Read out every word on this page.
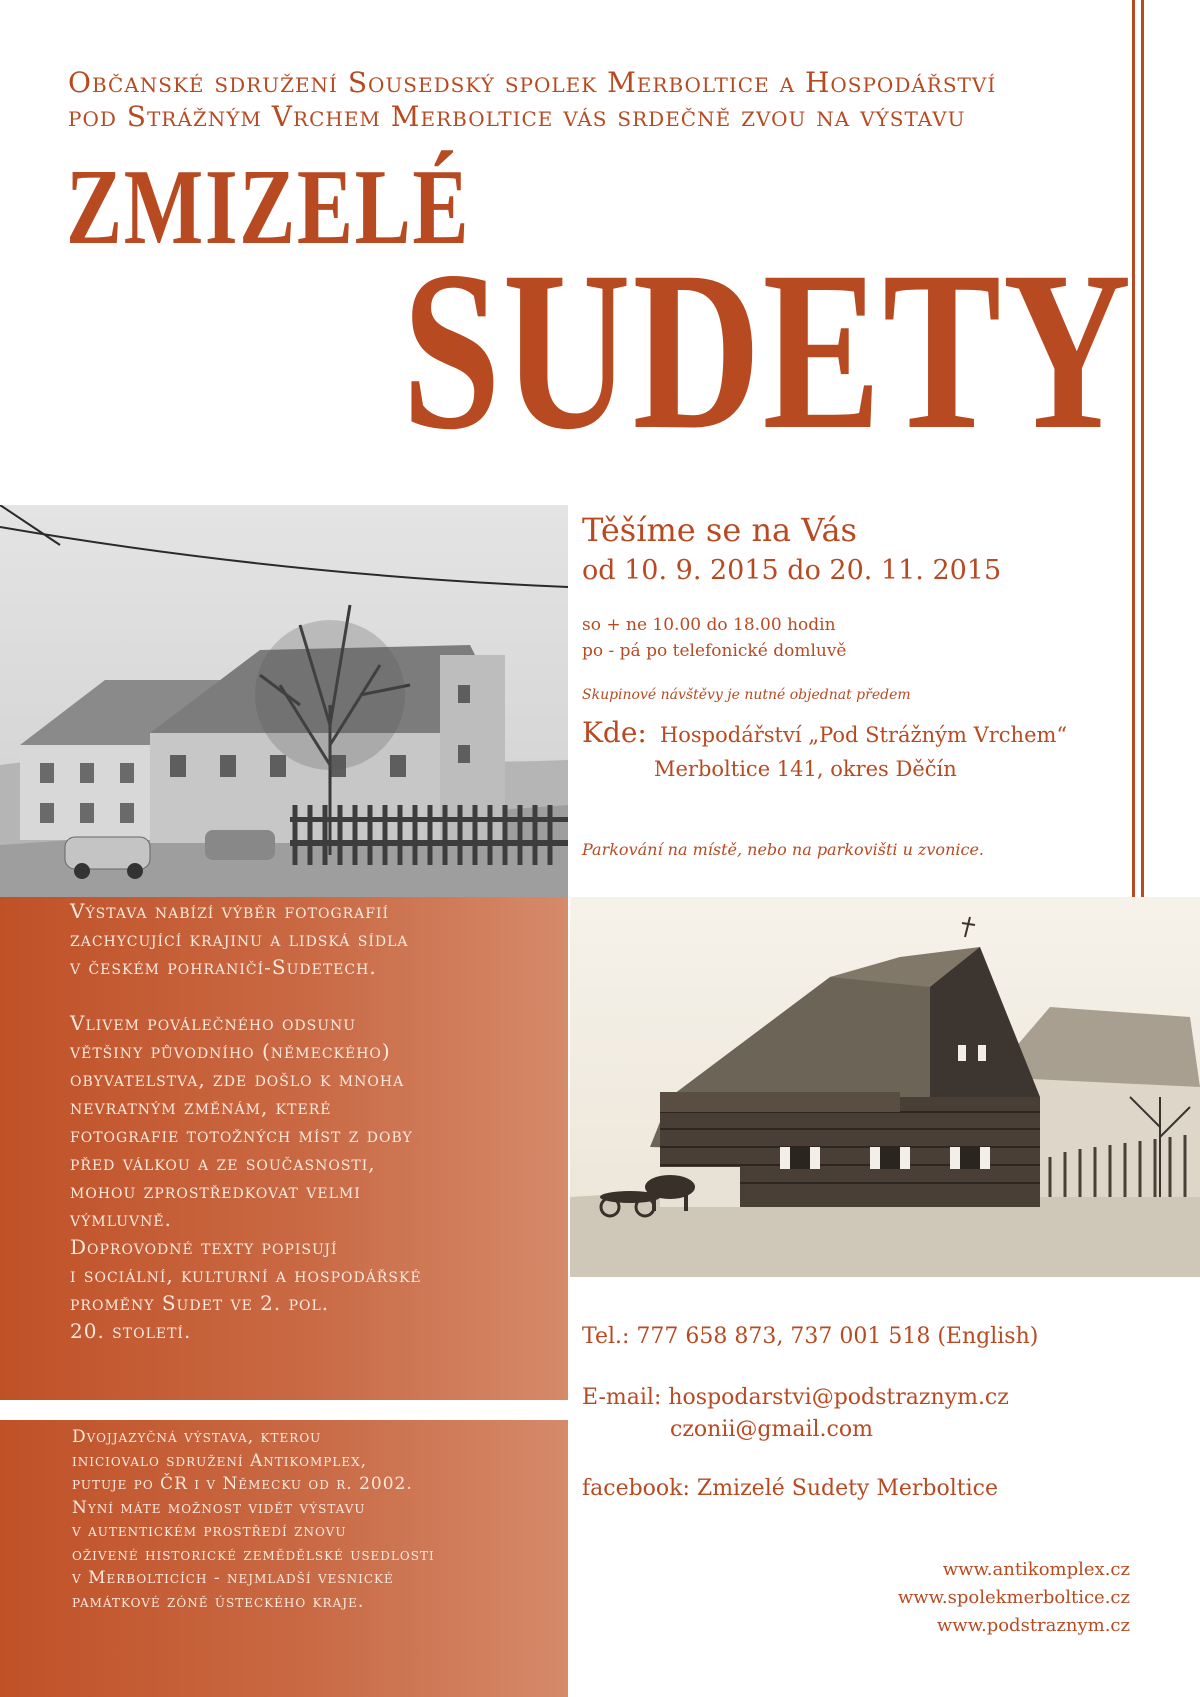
Občanské sdružení Sousedský spolek Merboltice a Hospodářství
pod Strážným Vrchem Merboltice vás srdečně zvou na výstavu
ZMIZELÉ
SUDETY
Těšíme se na Vás
od 10. 9. 2015 do 20. 11. 2015
so + ne 10.00 do 18.00 hodin
po - pá po telefonické domluvě
Skupinové návštěvy je nutné objednat předem
Kde: Hospodářství „Pod Strážným Vrchem“
Merboltice 141, okres Děčín
Parkování na místě, nebo na parkovišti u zvonice.

Výstava nabízí výběr fotografií
zachycující krajinu a lidská sídla
v českém pohraničí-Sudetech.

Vlivem poválečného odsunu
většiny původního (německého)
obyvatelstva, zde došlo k mnoha
nevratným změnám, které
fotografie totožných míst z doby
před válkou a ze současnosti,
mohou zprostředkovat velmi
výmluvně.
Doprovodné texty popisují
i sociální, kulturní a hospodářské
proměny Sudet ve 2. pol.
20. století.

Dvojjazyčná výstava, kterou
iniciovalo sdružení Antikomplex,
putuje po ČR i v Německu od r. 2002.
Nyní máte možnost vidět výstavu
v autentickém prostředí znovu
oživené historické zemědělské usedlosti
v Merbolticích - nejmladší vesnické
památkové zóně ústeckého kraje.
Tel.: 777 658 873, 737 001 518 (English)
E-mail: hospodarstvi@podstraznym.cz
czonii@gmail.com
facebook: Zmizelé Sudety Merboltice
www.antikomplex.cz
www.spolekmerboltice.cz
www.podstraznym.cz
